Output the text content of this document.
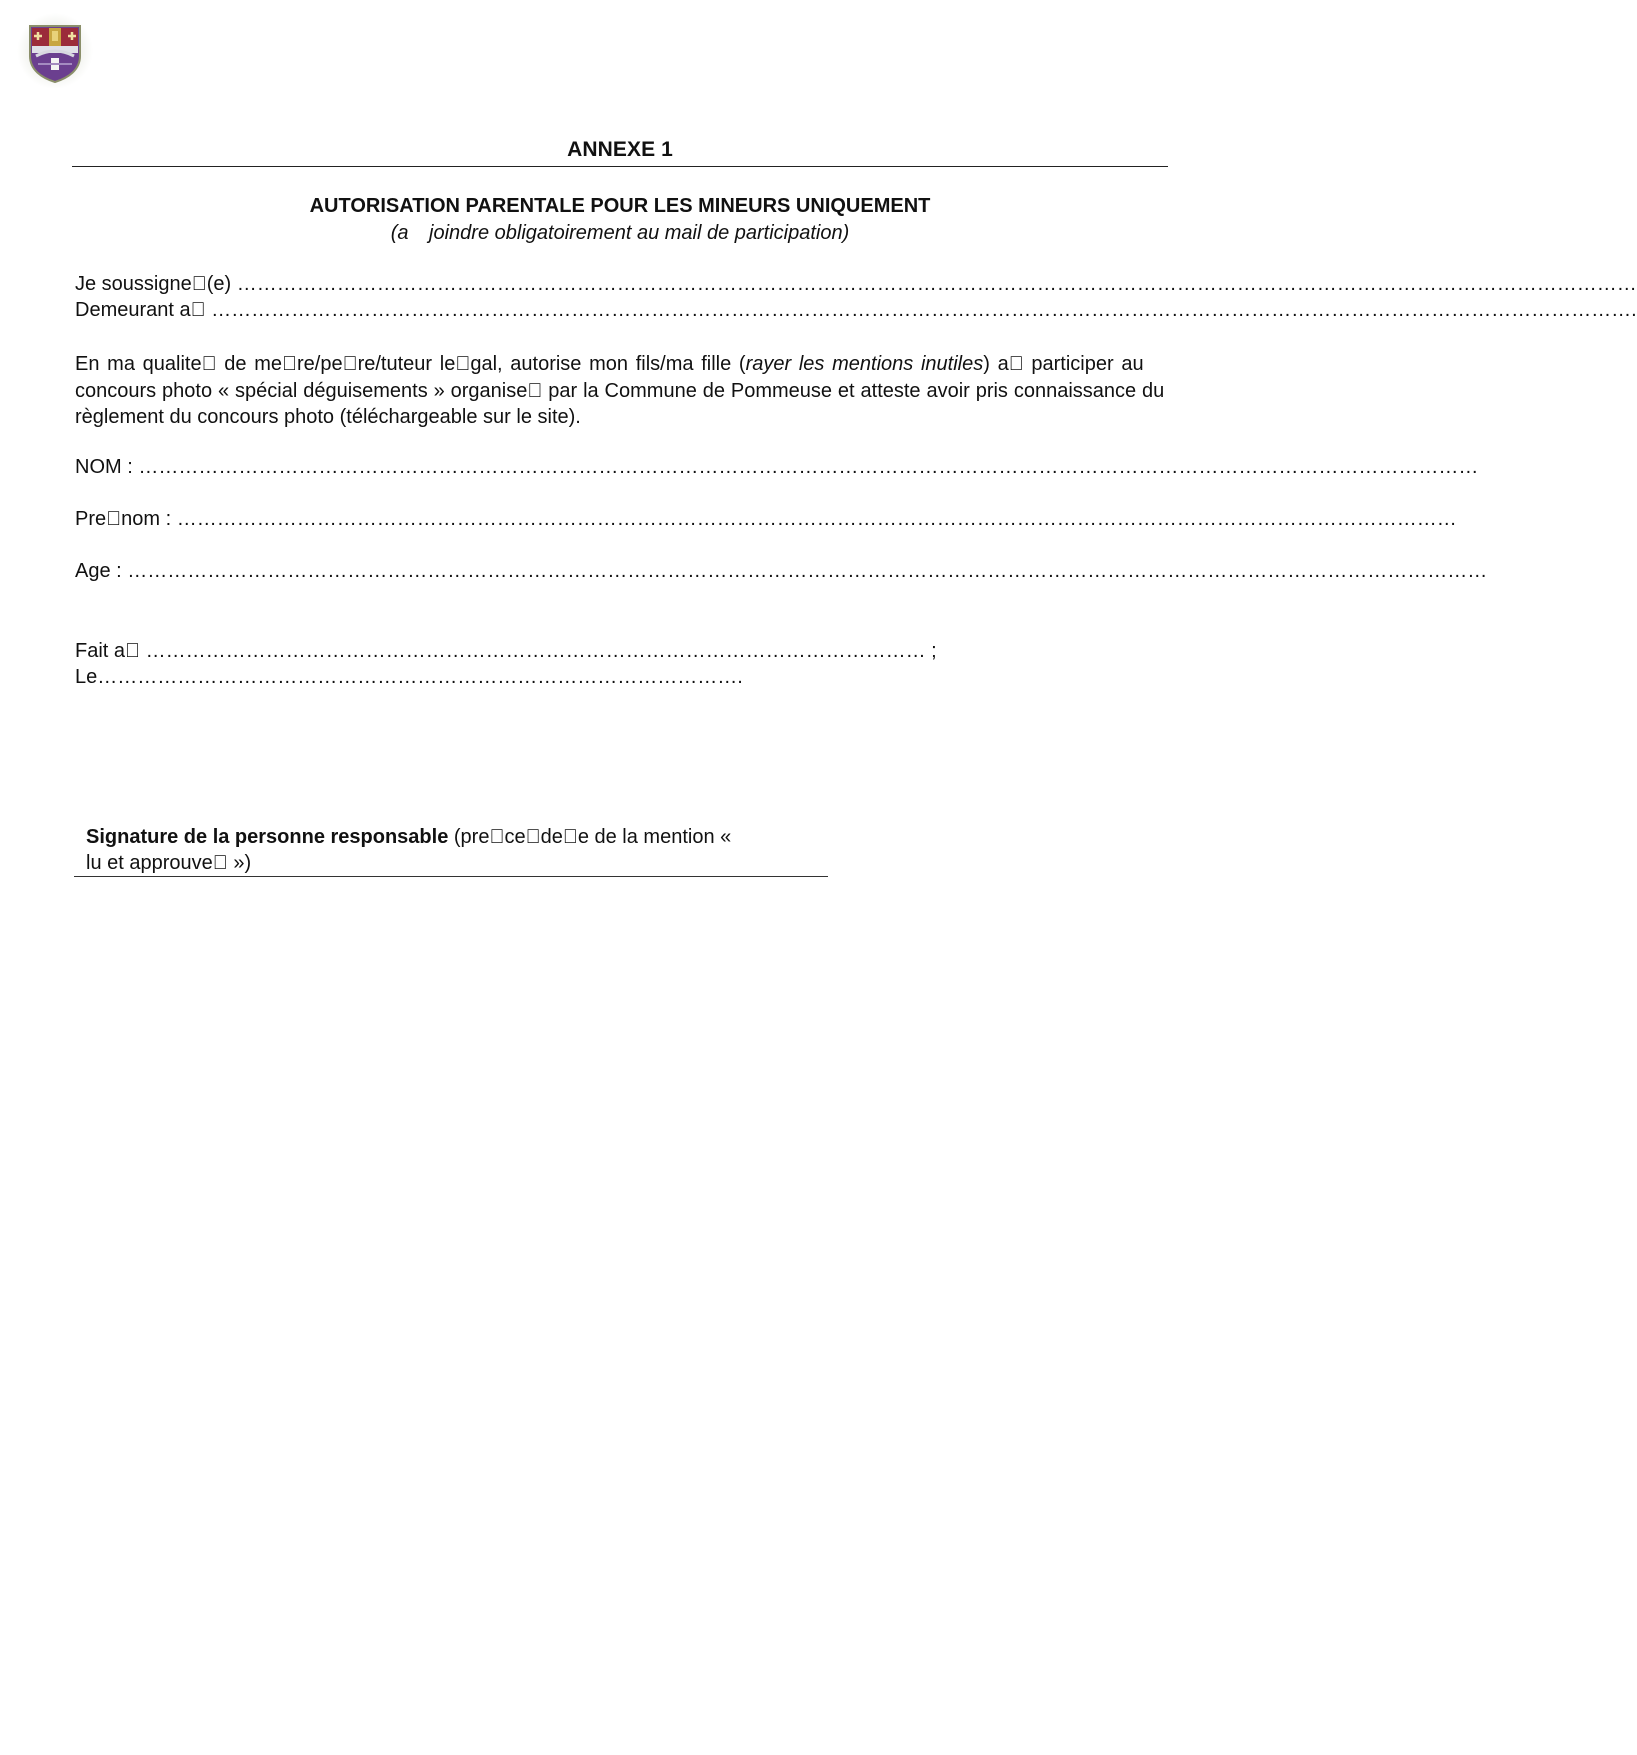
ANNEXE 1
AUTORISATION PARENTALE POUR LES MINEURS UNIQUEMENT
(a⃞ joindre obligatoirement au mail de participation)
Je soussigne⃞(e) …………………………………………………………………………………………………………………………………………………………………………………………
Demeurant a⃞ …………………………………………………………………………………………………………………………………………………………………………………………….
En ma qualite⃞ de me⃞re/pe⃞re/tuteur le⃞gal, autorise mon fils/ma fille (rayer les mentions inutiles) a⃞ participer au concours photo « spécial déguisements » organise⃞ par la Commune de Pommeuse et atteste avoir pris connaissance du règlement du concours photo (téléchargeable sur le site).
NOM : …………………………………………………………………………………………………………………………………………………………………………………
Pre⃞nom : …………………………………………………………………………………………………………………………………………………………………………
Age : ……………………………………………………………………………………………………………………………………………………………………………………
Fait a⃞ ……………………………………………………………………………………………………… ;
Le…………………………………………………………………………………….
Signature de la personne responsable (pre⃞ce⃞de⃞e de la mention « lu et approuve⃞ »)
